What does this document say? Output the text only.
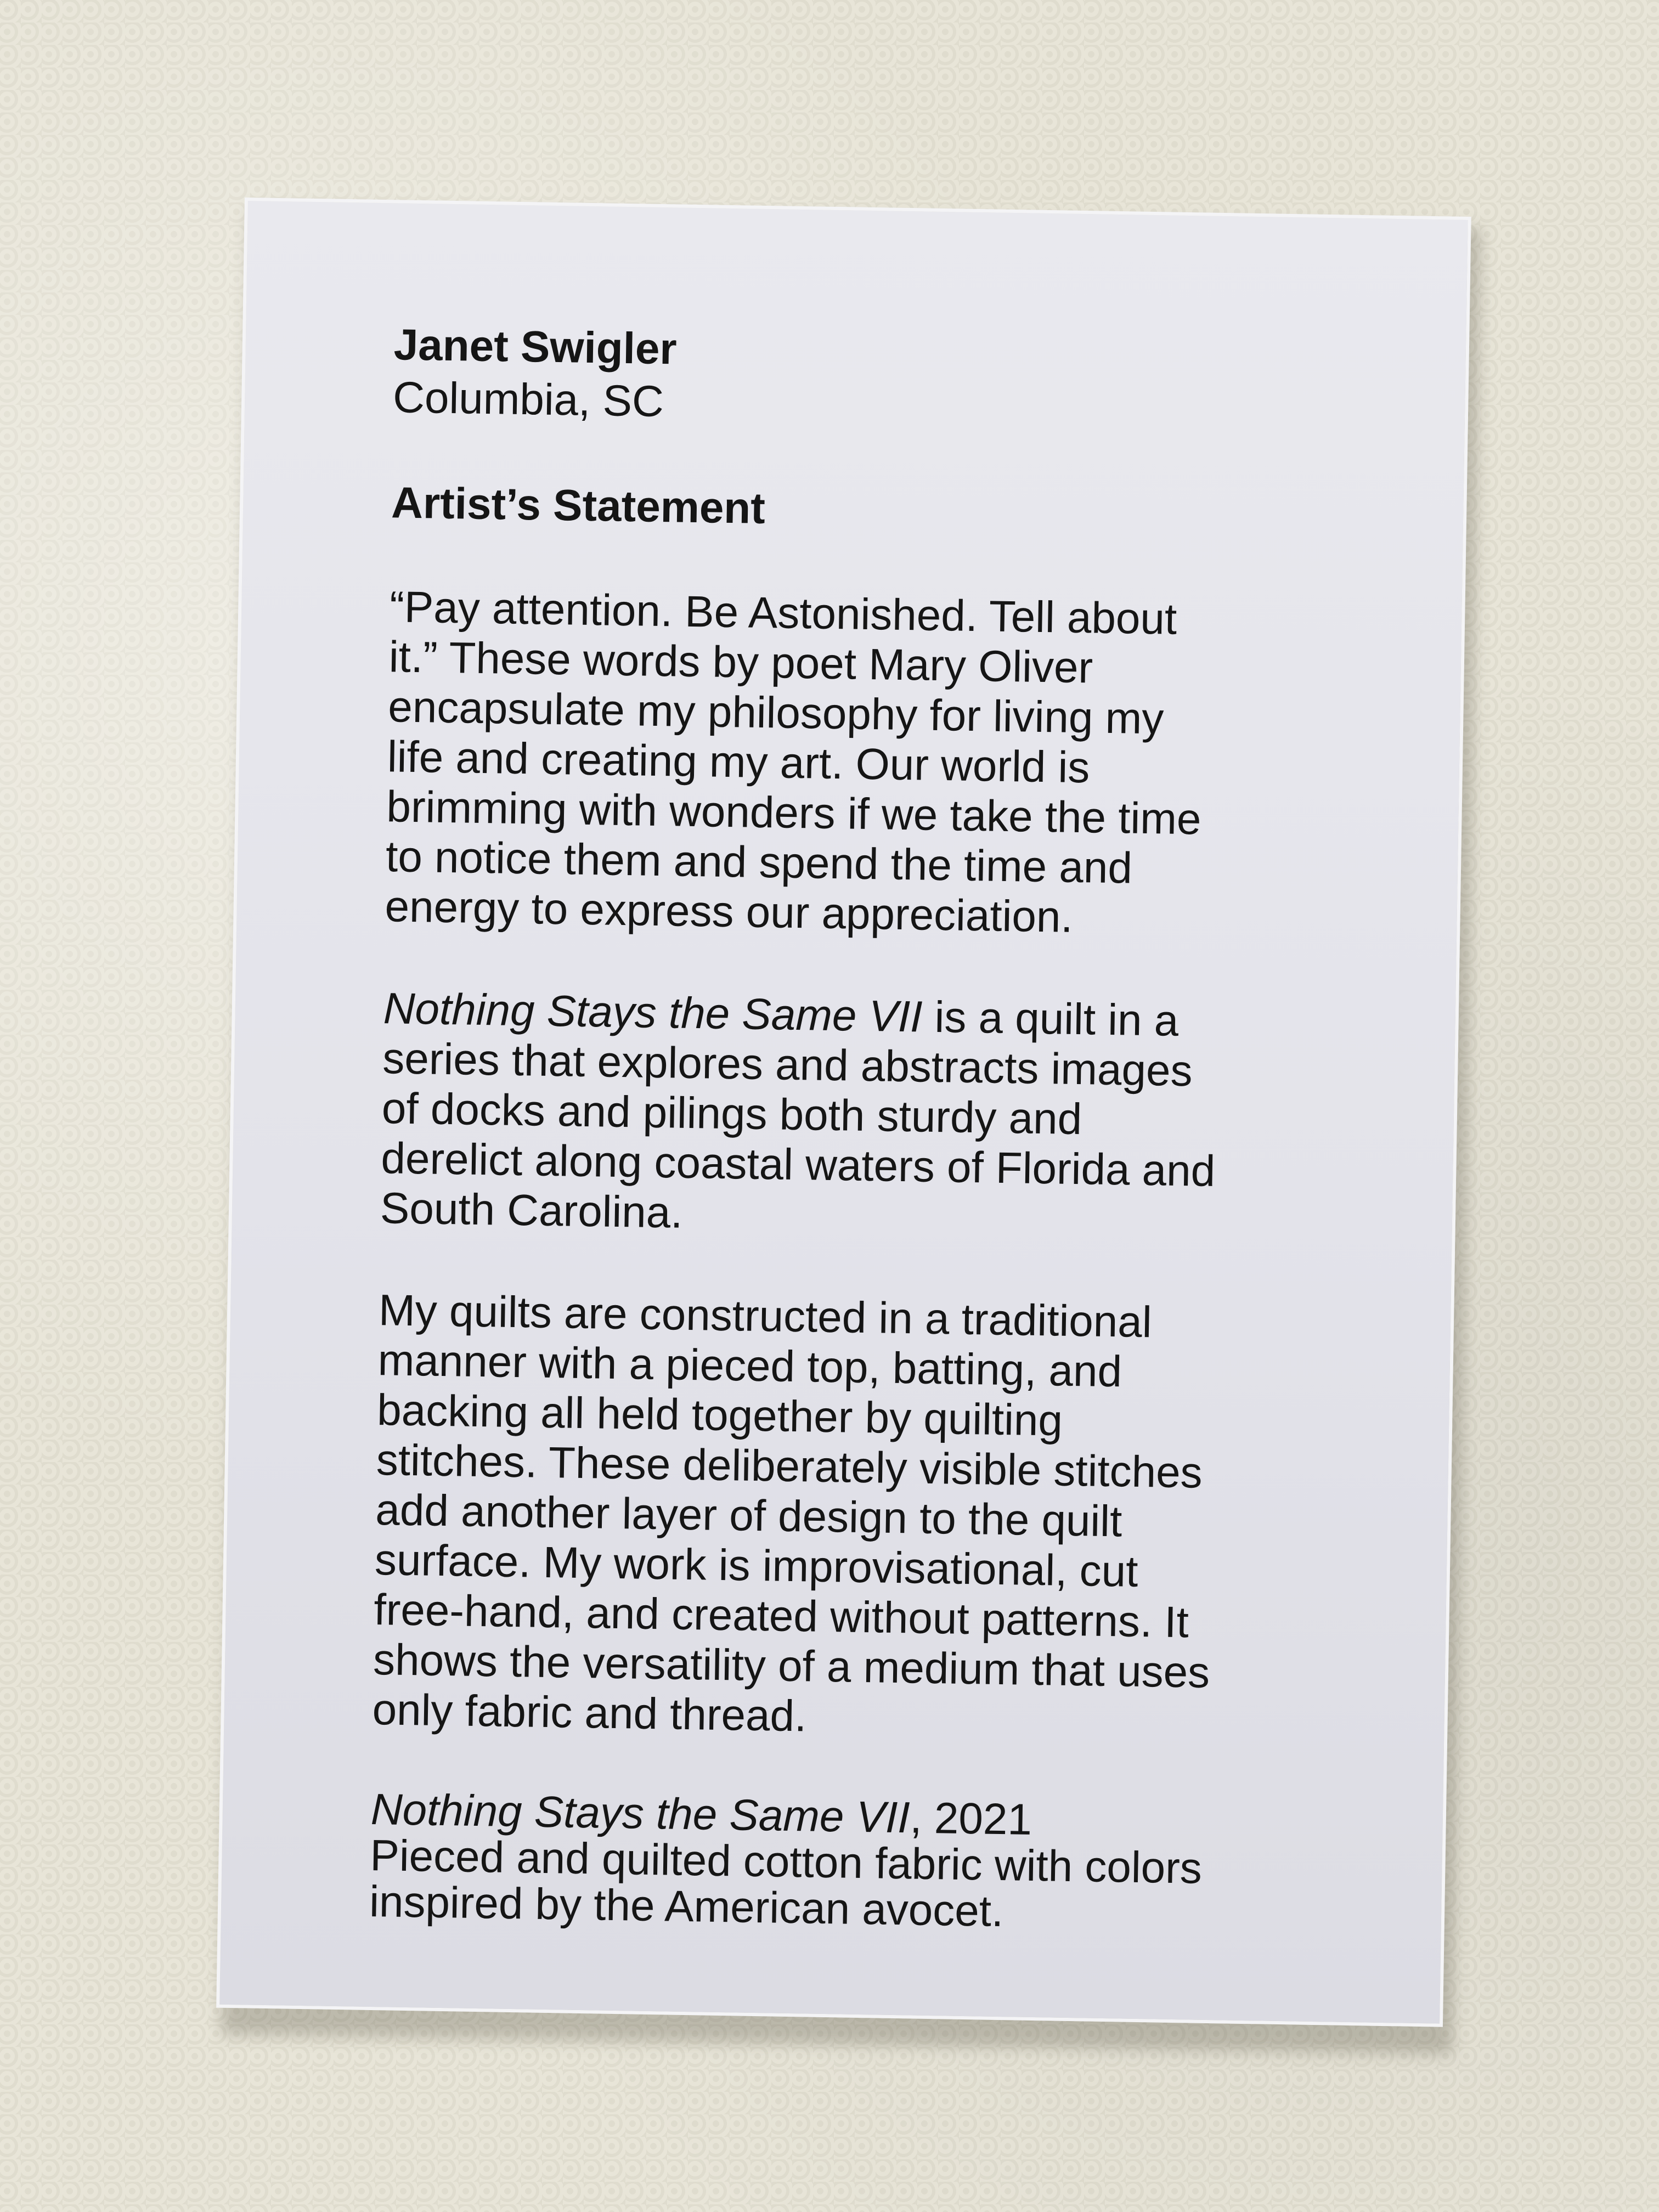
Janet Swigler

Columbia, SC

Artist’s Statement

“Pay attention. Be Astonished. Tell about
it.” These words by poet Mary Oliver
encapsulate my philosophy for living my
life and creating my art. Our world is
brimming with wonders if we take the time
to notice them and spend the time and
energy to express our appreciation.

Nothing Stays the Same VII is a quilt in a
series that explores and abstracts images
of docks and pilings both sturdy and
derelict along coastal waters of Florida and
South Carolina.

My quilts are constructed in a traditional
manner with a pieced top, batting, and
backing all held together by quilting
stitches. These deliberately visible stitches
add another layer of design to the quilt
surface. My work is improvisational, cut
free-hand, and created without patterns. It
shows the versatility of a medium that uses
only fabric and thread.

Nothing Stays the Same VII, 2021

Pieced and quilted cotton fabric with colors
inspired by the American avocet.
